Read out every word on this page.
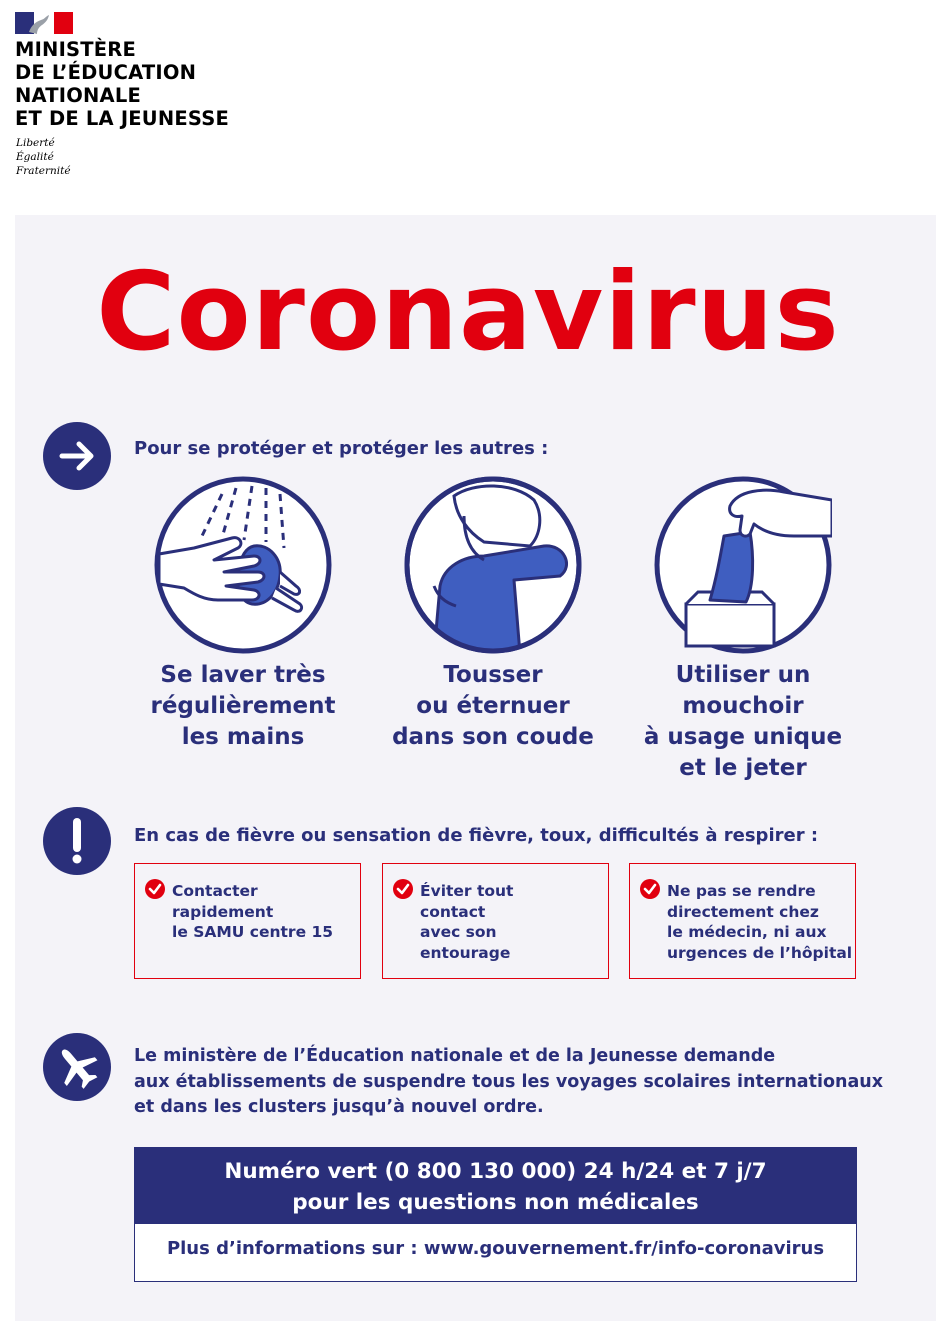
MINISTÈRE
DE L’ÉDUCATION
NATIONALE
ET DE LA JEUNESSE
Liberté
Égalité
Fraternité
Coronavirus
Pour se protéger et protéger les autres :
Se laver très
régulièrement
les mains
Tousser
ou éternuer
dans son coude
Utiliser un
mouchoir
à usage unique
et le jeter
En cas de fièvre ou sensation de fièvre, toux, difficultés à respirer :
Contacter
rapidement
le SAMU centre 15
Éviter tout
contact
avec son
entourage
Ne pas se rendre
directement chez
le médecin, ni aux
urgences de l’hôpital
Le ministère de l’Éducation nationale et de la Jeunesse demande
aux établissements de suspendre tous les voyages scolaires internationaux
et dans les clusters jusqu’à nouvel ordre.
Numéro vert (0 800 130 000) 24 h/24 et 7 j/7
pour les questions non médicales
Plus d’informations sur : www.gouvernement.fr/info-coronavirus
